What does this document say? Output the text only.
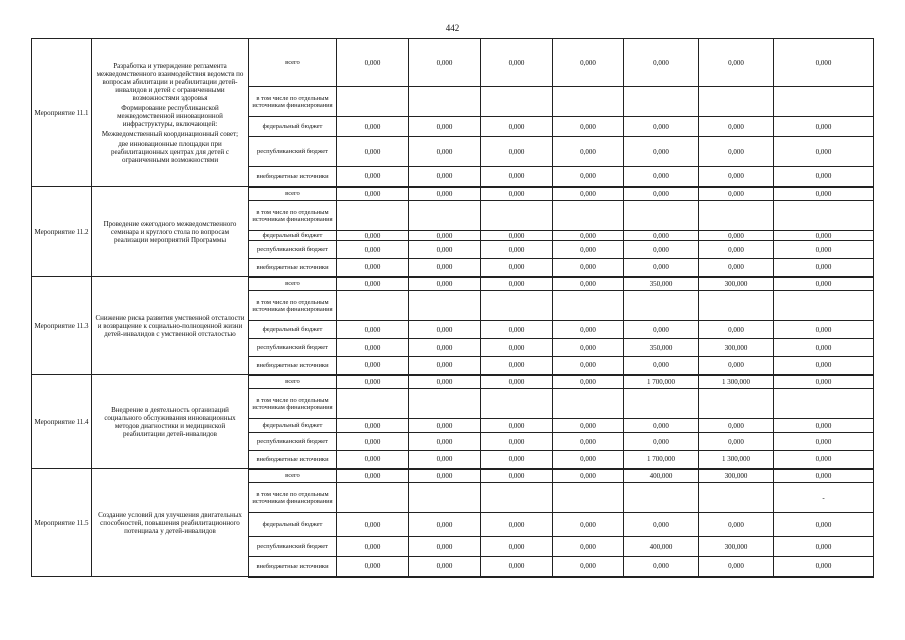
442
Мероприятие 11.1	Разработка и утверждение регламента межведомственного взаимодействия ведомств по вопросам абилитации и реабилитации детей-инвалидов и детей с ограниченными возможностями здоровья

Формирование республиканской межведомственной инновационной инфраструктуры, включающей:

Межведомственный координационный совет;

две инновационные площадки при реабилитационных центрах для детей с ограниченными возможностями	всего	0,000	0,000	0,000	0,000	0,000	0,000	0,000
		в том числе по отдельным источникам финансирования							
		федеральный бюджет	0,000	0,000	0,000	0,000	0,000	0,000	0,000
		республиканский бюджет	0,000	0,000	0,000	0,000	0,000	0,000	0,000
		внебюджетные источники	0,000	0,000	0,000	0,000	0,000	0,000	0,000
Мероприятие 11.2	Проведение ежегодного межведомственного семинара и круглого стола по вопросам реализации мероприятий Программы	всего	0,000	0,000	0,000	0,000	0,000	0,000	0,000
		в том числе по отдельным источникам финансирования							
		федеральный бюджет	0,000	0,000	0,000	0,000	0,000	0,000	0,000
		республиканский бюджет	0,000	0,000	0,000	0,000	0,000	0,000	0,000
		внебюджетные источники	0,000	0,000	0,000	0,000	0,000	0,000	0,000
Мероприятие 11.3	Снижение риска развития умственной отсталости и возвращение к социально-полноценной жизни детей-инвалидов с умственной отсталостью	всего	0,000	0,000	0,000	0,000	350,000	300,000	0,000
		в том числе по отдельным источникам финансирования							
		федеральный бюджет	0,000	0,000	0,000	0,000	0,000	0,000	0,000
		республиканский бюджет	0,000	0,000	0,000	0,000	350,000	300,000	0,000
		внебюджетные источники	0,000	0,000	0,000	0,000	0,000	0,000	0,000
Мероприятие 11.4	Внедрение в деятельность организаций социального обслуживания инновационных методов диагностики и медицинской реабилитации детей-инвалидов	всего	0,000	0,000	0,000	0,000	1 700,000	1 300,000	0,000
		в том числе по отдельным источникам финансирования							
		федеральный бюджет	0,000	0,000	0,000	0,000	0,000	0,000	0,000
		республиканский бюджет	0,000	0,000	0,000	0,000	0,000	0,000	0,000
		внебюджетные источники	0,000	0,000	0,000	0,000	1 700,000	1 300,000	0,000
Мероприятие 11.5	Создание условий для улучшения двигательных способностей, повышения реабилитационного потенциала у детей-инвалидов	всего	0,000	0,000	0,000	0,000	400,000	300,000	0,000
		в том числе по отдельным источникам финансирования							-
		федеральный бюджет	0,000	0,000	0,000	0,000	0,000	0,000	0,000
		республиканский бюджет	0,000	0,000	0,000	0,000	400,000	300,000	0,000
		внебюджетные источники	0,000	0,000	0,000	0,000	0,000	0,000	0,000
